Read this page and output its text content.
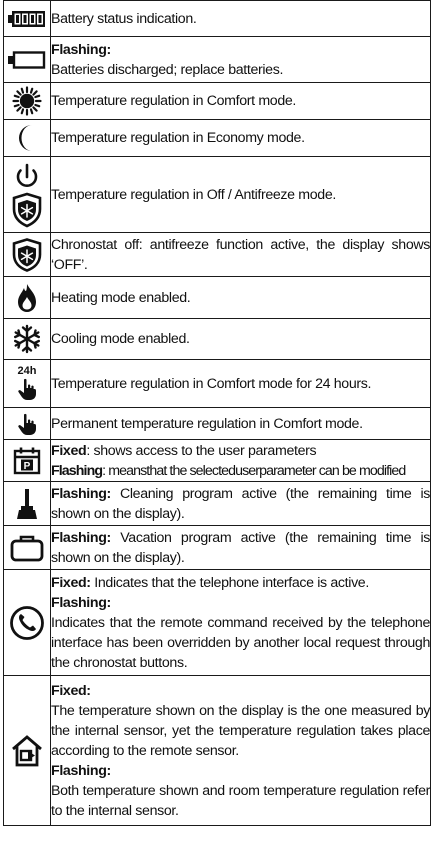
	Battery status indication.

Flashing:
Batteries discharged; replace batteries.

	Temperature regulation in Comfort mode.

	Temperature regulation in Economy mode.

	Temperature regulation in Off / Antifreeze mode.

	Chronostat off: antifreeze function active, the display shows ‘OFF’.

	Heating mode enabled.

	Cooling mode enabled.

24h	Temperature regulation in Comfort mode for 24 hours.

	Permanent temperature regulation in Comfort mode.

P	Fixed: shows access to the user parameters
Flashing: meansthat the selecteduserparameter can be modified

	Flashing: Cleaning program active (the remaining time is shown on the display).

	Flashing: Vacation program active (the remaining time is shown on the display).

Fixed: Indicates that the telephone interface is active.
Flashing:
Indicates that the remote command received by the telephone interface has been overridden by another local request through the chronostat buttons.

Fixed:
The temperature shown on the display is the one measured by the internal sensor, yet the temperature regulation takes place according to the remote sensor.
Flashing:
Both temperature shown and room temperature regulation refer to the internal sensor.
